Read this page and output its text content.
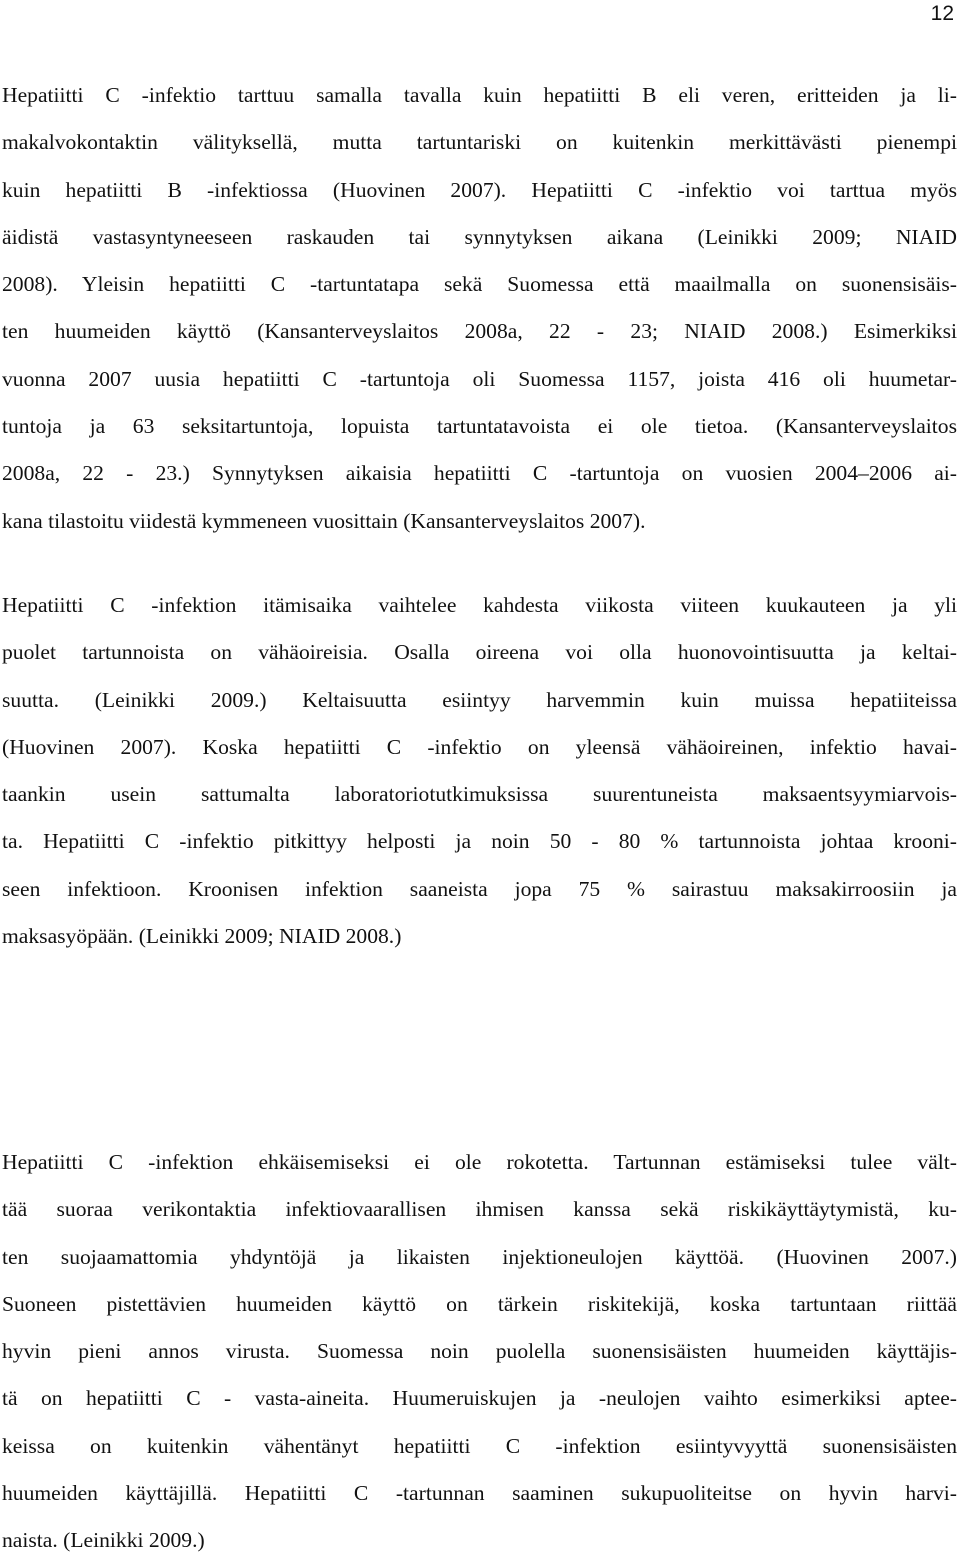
12
Hepatiitti C -infektio tarttuu samalla tavalla kuin hepatiitti B eli veren, eritteiden ja li-
makalvokontaktin välityksellä, mutta tartuntariski on kuitenkin merkittävästi pienempi
kuin hepatiitti B -infektiossa (Huovinen 2007). Hepatiitti C -infektio voi tarttua myös
äidistä vastasyntyneeseen raskauden tai synnytyksen aikana (Leinikki 2009; NIAID
2008). Yleisin hepatiitti C -tartuntatapa sekä Suomessa että maailmalla on suonensisäis-
ten huumeiden käyttö (Kansanterveyslaitos 2008a, 22 - 23; NIAID 2008.) Esimerkiksi
vuonna 2007 uusia hepatiitti C -tartuntoja oli Suomessa 1157, joista 416 oli huumetar-
tuntoja ja 63 seksitartuntoja, lopuista tartuntatavoista ei ole tietoa. (Kansanterveyslaitos
2008a, 22 - 23.) Synnytyksen aikaisia hepatiitti C -tartuntoja on vuosien 2004–2006 ai-
kana tilastoitu viidestä kymmeneen vuosittain (Kansanterveyslaitos 2007).
Hepatiitti C -infektion itämisaika vaihtelee kahdesta viikosta viiteen kuukauteen ja yli
puolet tartunnoista on vähäoireisia. Osalla oireena voi olla huonovointisuutta ja keltai-
suutta. (Leinikki 2009.) Keltaisuutta esiintyy harvemmin kuin muissa hepatiiteissa
(Huovinen 2007). Koska hepatiitti C -infektio on yleensä vähäoireinen, infektio havai-
taankin usein sattumalta laboratoriotutkimuksissa suurentuneista maksaentsyymiarvois-
ta. Hepatiitti C -infektio pitkittyy helposti ja noin 50 - 80 % tartunnoista johtaa krooni-
seen infektioon. Kroonisen infektion saaneista jopa 75 % sairastuu maksakirroosiin ja
maksasyöpään. (Leinikki 2009; NIAID 2008.)
Hepatiitti C -infektion ehkäisemiseksi ei ole rokotetta. Tartunnan estämiseksi tulee vält-
tää suoraa verikontaktia infektiovaarallisen ihmisen kanssa sekä riskikäyttäytymistä, ku-
ten suojaamattomia yhdyntöjä ja likaisten injektioneulojen käyttöä. (Huovinen 2007.)
Suoneen pistettävien huumeiden käyttö on tärkein riskitekijä, koska tartuntaan riittää
hyvin pieni annos virusta. Suomessa noin puolella suonensisäisten huumeiden käyttäjis-
tä on hepatiitti C - vasta-aineita. Huumeruiskujen ja -neulojen vaihto esimerkiksi aptee-
keissa on kuitenkin vähentänyt hepatiitti C -infektion esiintyvyyttä suonensisäisten
huumeiden käyttäjillä. Hepatiitti C -tartunnan saaminen sukupuoliteitse on hyvin harvi-
naista. (Leinikki 2009.)
